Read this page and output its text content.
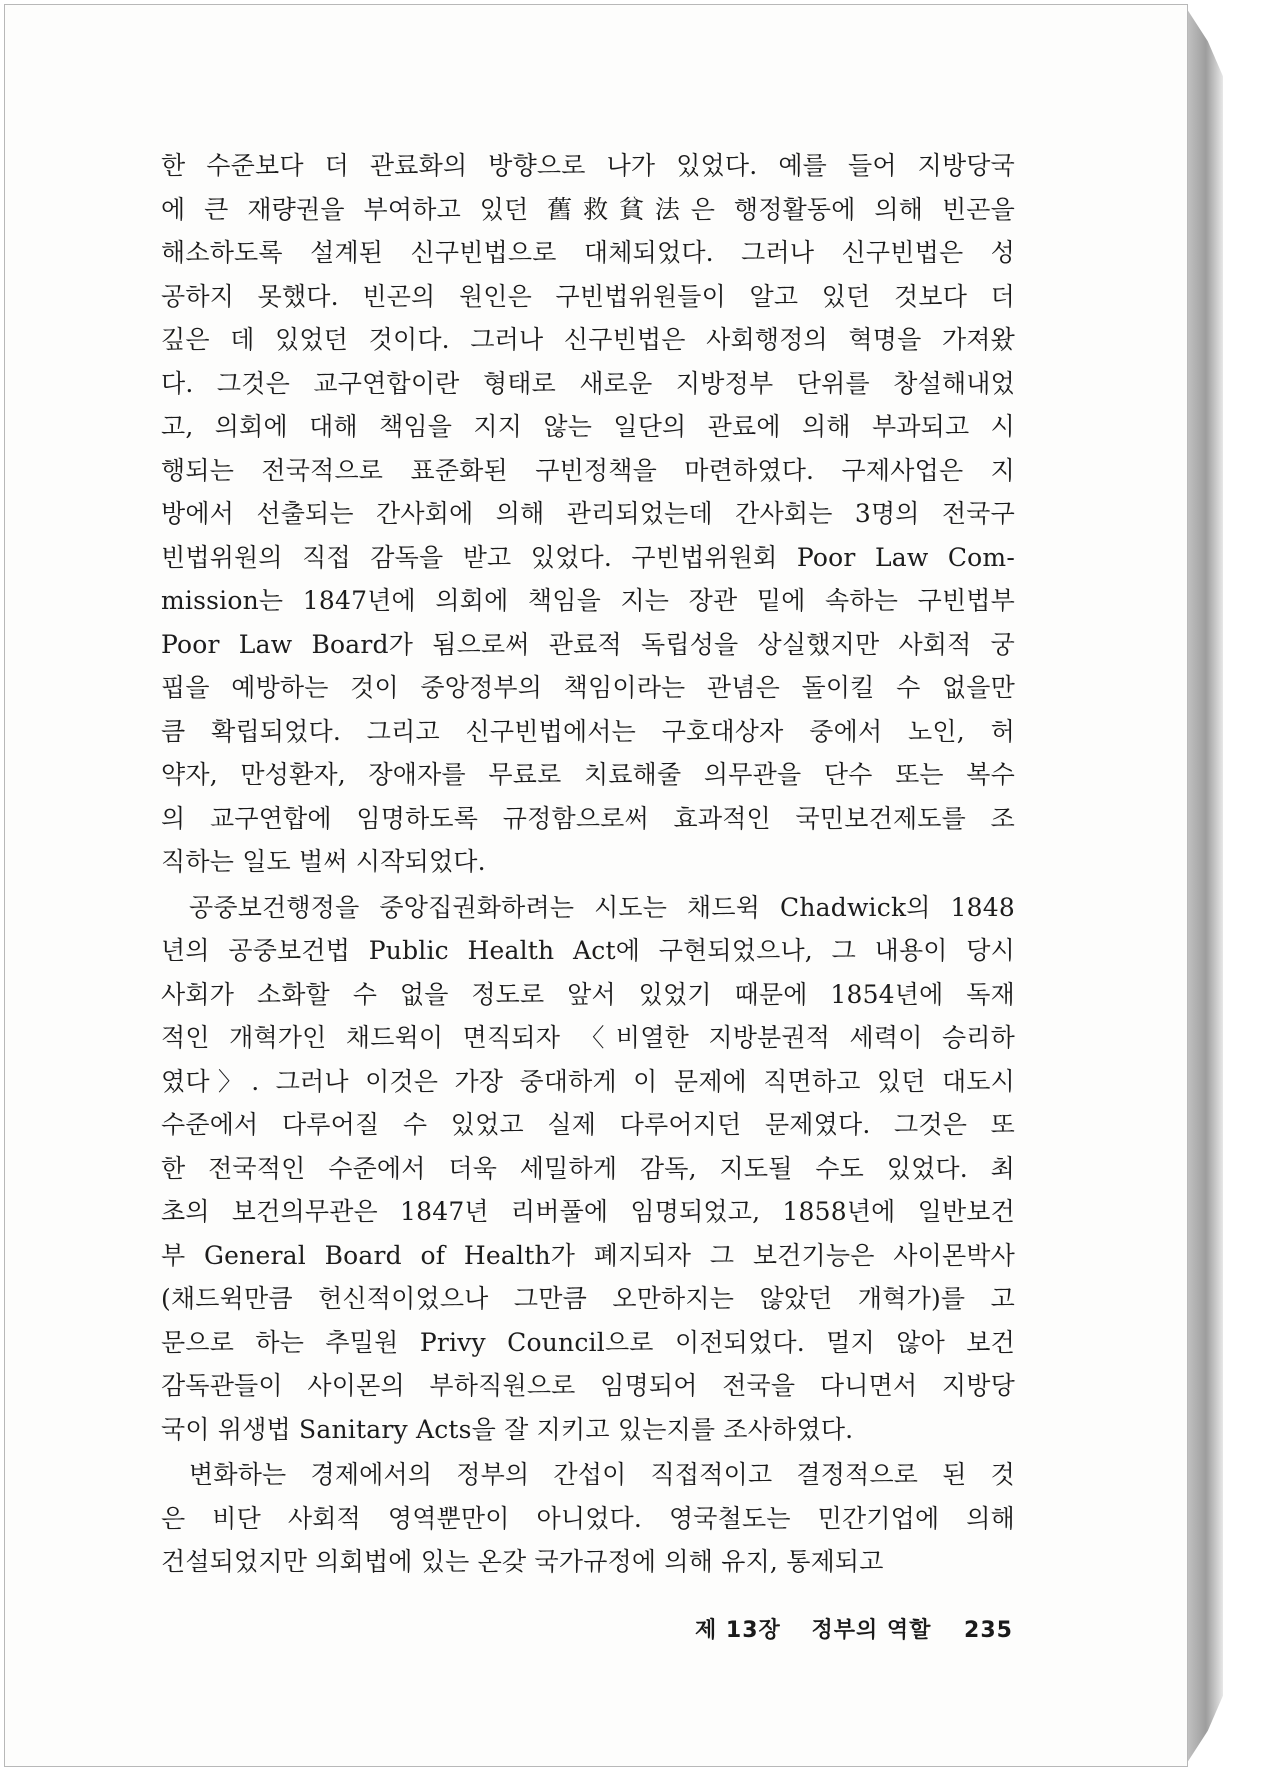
한 수준보다 더 관료화의 방향으로 나가 있었다. 예를 들어 지방당국
에 큰 재량권을 부여하고 있던 舊救貧法은 행정활동에 의해 빈곤을
해소하도록 설계된 신구빈법으로 대체되었다. 그러나 신구빈법은 성
공하지 못했다. 빈곤의 원인은 구빈법위원들이 알고 있던 것보다 더
깊은 데 있었던 것이다. 그러나 신구빈법은 사회행정의 혁명을 가져왔
다. 그것은 교구연합이란 형태로 새로운 지방정부 단위를 창설해내었
고, 의회에 대해 책임을 지지 않는 일단의 관료에 의해 부과되고 시
행되는 전국적으로 표준화된 구빈정책을 마련하였다. 구제사업은 지
방에서 선출되는 간사회에 의해 관리되었는데 간사회는 3명의 전국구
빈법위원의 직접 감독을 받고 있었다. 구빈법위원회 Poor Law Com-
mission는 1847년에 의회에 책임을 지는 장관 밑에 속하는 구빈법부
Poor Law Board가 됨으로써 관료적 독립성을 상실했지만 사회적 궁
핍을 예방하는 것이 중앙정부의 책임이라는 관념은 돌이킬 수 없을만
큼 확립되었다. 그리고 신구빈법에서는 구호대상자 중에서 노인, 허
약자, 만성환자, 장애자를 무료로 치료해줄 의무관을 단수 또는 복수
의 교구연합에 임명하도록 규정함으로써 효과적인 국민보건제도를 조
직하는 일도 벌써 시작되었다.
공중보건행정을 중앙집권화하려는 시도는 채드윅 Chadwick의 1848
년의 공중보건법 Public Health Act에 구현되었으나, 그 내용이 당시
사회가 소화할 수 없을 정도로 앞서 있었기 때문에 1854년에 독재
적인 개혁가인 채드윅이 면직되자 〈비열한 지방분권적 세력이 승리하
였다〉. 그러나 이것은 가장 중대하게 이 문제에 직면하고 있던 대도시
수준에서 다루어질 수 있었고 실제 다루어지던 문제였다. 그것은 또
한 전국적인 수준에서 더욱 세밀하게 감독, 지도될 수도 있었다. 최
초의 보건의무관은 1847년 리버풀에 임명되었고, 1858년에 일반보건
부 General Board of Health가 폐지되자 그 보건기능은 사이몬박사
(채드윅만큼 헌신적이었으나 그만큼 오만하지는 않았던 개혁가)를 고
문으로 하는 추밀원 Privy Council으로 이전되었다. 멀지 않아 보건
감독관들이 사이몬의 부하직원으로 임명되어 전국을 다니면서 지방당
국이 위생법 Sanitary Acts을 잘 지키고 있는지를 조사하였다.
변화하는 경제에서의 정부의 간섭이 직접적이고 결정적으로 된 것
은 비단 사회적 영역뿐만이 아니었다. 영국철도는 민간기업에 의해
건설되었지만 의회법에 있는 온갖 국가규정에 의해 유지, 통제되고
제 13장 정부의 역할 235
